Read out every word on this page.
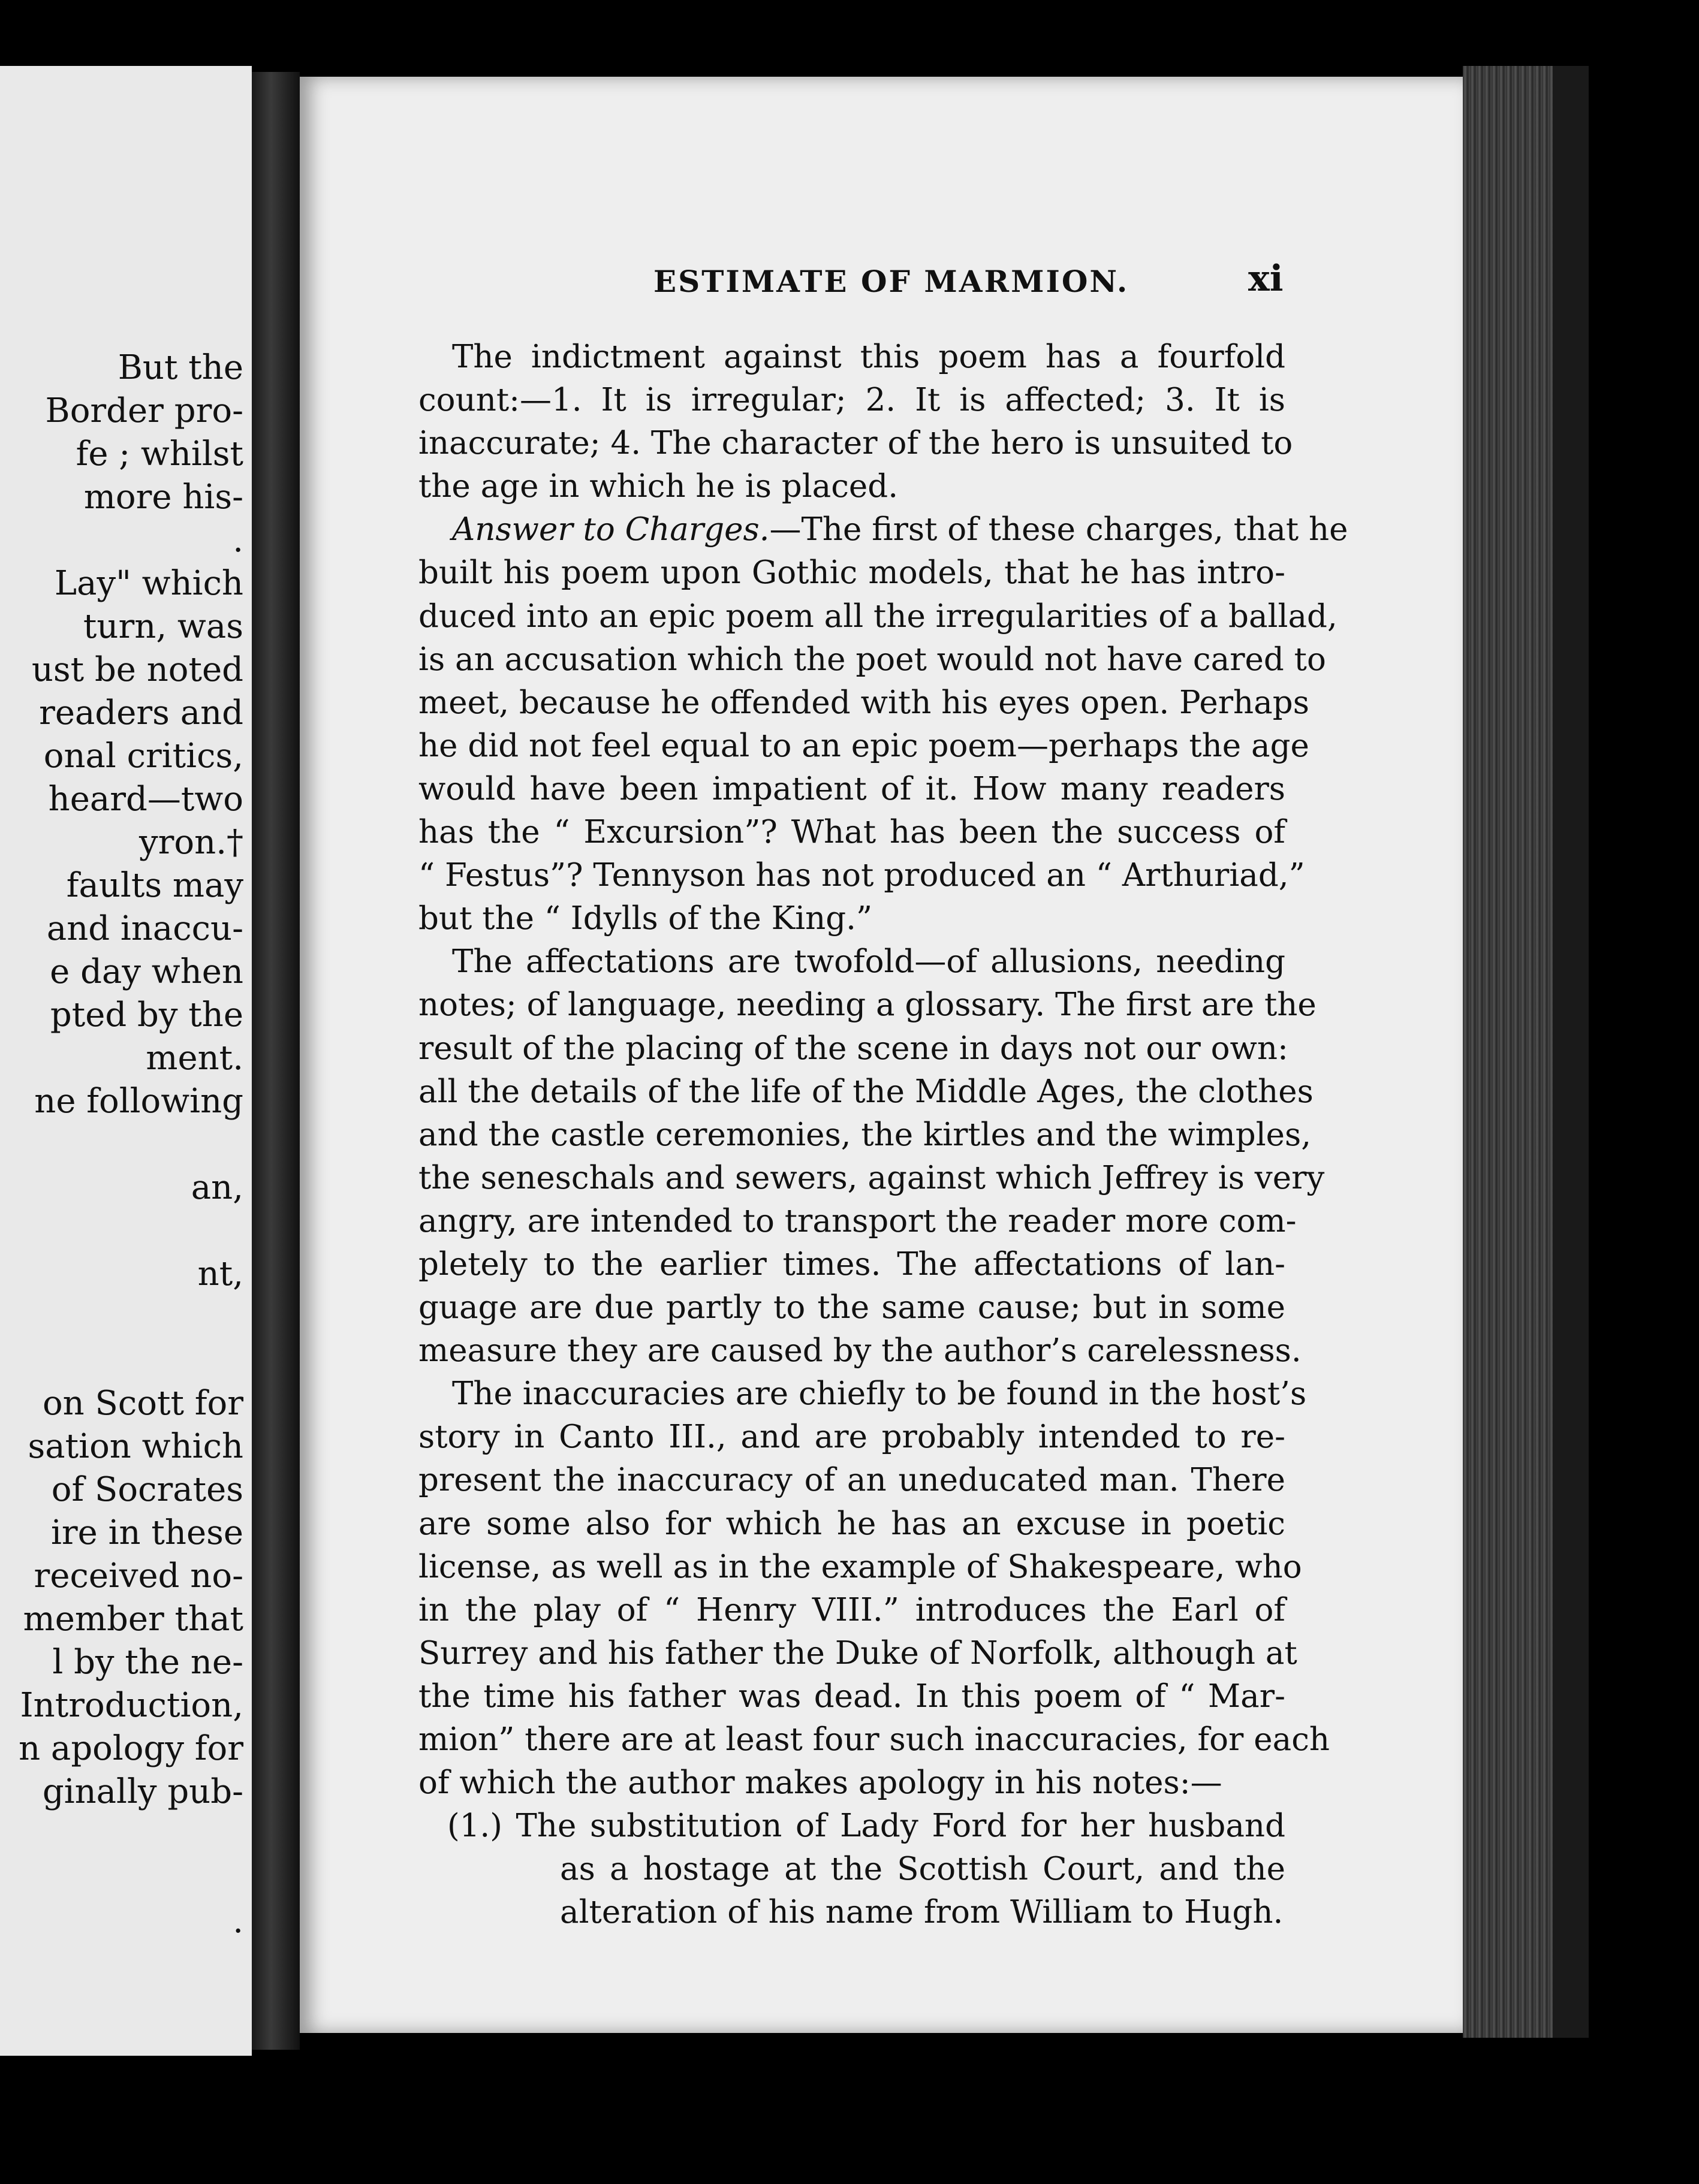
But the
Border pro-
fe ; whilst
more his-
.
Lay" which
turn, was
ust be noted
readers and
onal critics,
heard—two
yron.†
faults may
and inaccu-
e day when
pted by the
ment.
ne following
an,
nt,
on Scott for
sation which
of Socrates
ire in these
received no-
member that
l by the ne-
Introduction,
n apology for
ginally pub-
.
ESTIMATE OF MARMION.	xi

The indictment against this poem has a fourfold
count:—1. It is irregular; 2. It is affected; 3. It is
inaccurate; 4. The character of the hero is unsuited to
the age in which he is placed.

Answer to Charges.—The first of these charges, that he
built his poem upon Gothic models, that he has intro-
duced into an epic poem all the irregularities of a ballad,
is an accusation which the poet would not have cared to
meet, because he offended with his eyes open. Perhaps
he did not feel equal to an epic poem—perhaps the age
would have been impatient of it. How many readers
has the “ Excursion”? What has been the success of
“ Festus”? Tennyson has not produced an “ Arthuriad,”
but the “ Idylls of the King.”

The affectations are twofold—of allusions, needing
notes; of language, needing a glossary. The first are the
result of the placing of the scene in days not our own:
all the details of the life of the Middle Ages, the clothes
and the castle ceremonies, the kirtles and the wimples,
the seneschals and sewers, against which Jeffrey is very
angry, are intended to transport the reader more com-
pletely to the earlier times. The affectations of lan-
guage are due partly to the same cause; but in some
measure they are caused by the author’s carelessness.

The inaccuracies are chiefly to be found in the host’s
story in Canto III., and are probably intended to re-
present the inaccuracy of an uneducated man. There
are some also for which he has an excuse in poetic
license, as well as in the example of Shakespeare, who
in the play of “ Henry VIII.” introduces the Earl of
Surrey and his father the Duke of Norfolk, although at
the time his father was dead. In this poem of “ Mar-
mion” there are at least four such inaccuracies, for each
of which the author makes apology in his notes:—

(1.) The substitution of Lady Ford for her husband
as a hostage at the Scottish Court, and the
alteration of his name from William to Hugh.
